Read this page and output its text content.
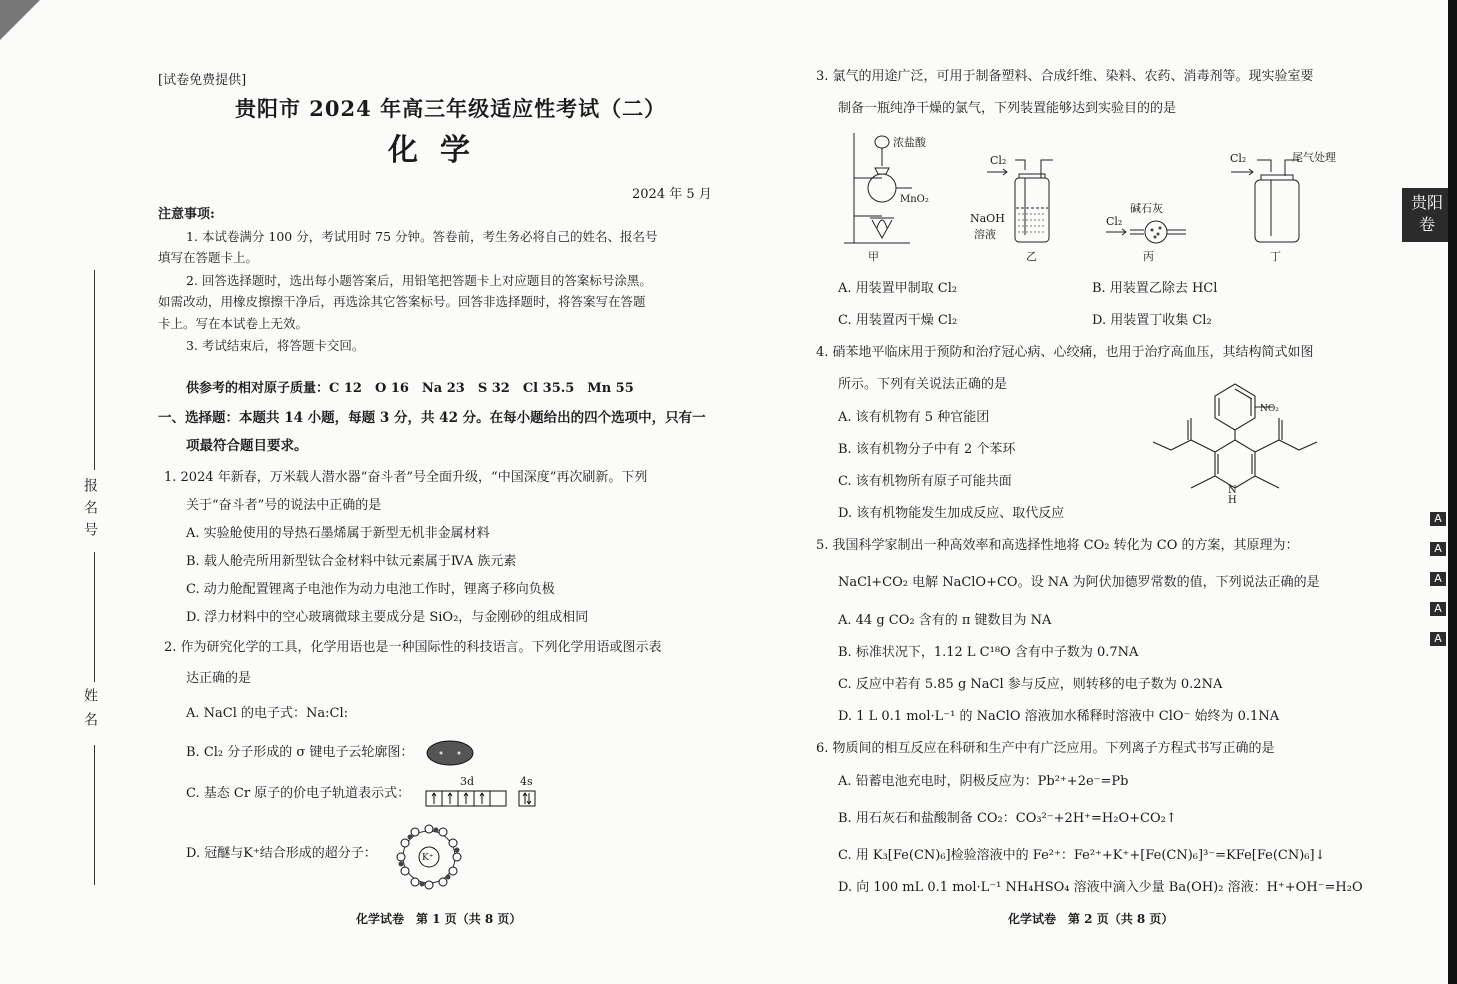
[试卷免费提供]
贵阳市 2024 年高三年级适应性考试（二）
化学
2024 年 5 月
注意事项:
1. 本试卷满分 100 分，考试用时 75 分钟。答卷前，考生务必将自己的姓名、报名号
填写在答题卡上。
2. 回答选择题时，选出每小题答案后，用铅笔把答题卡上对应题目的答案标号涂黑。
如需改动，用橡皮擦擦干净后，再选涂其它答案标号。回答非选择题时，将答案写在答题
卡上。写在本试卷上无效。
3. 考试结束后，将答题卡交回。
供参考的相对原子质量：C 12　O 16　Na 23　S 32　Cl 35.5　Mn 55
一、选择题：本题共 14 小题，每题 3 分，共 42 分。在每小题给出的四个选项中，只有一
项最符合题目要求。
1. 2024 年新春，万米载人潜水器“奋斗者”号全面升级，“中国深度”再次刷新。下列
关于“奋斗者”号的说法中正确的是
A. 实验舱使用的导热石墨烯属于新型无机非金属材料
B. 载人舱壳所用新型钛合金材料中钛元素属于ⅣA 族元素
C. 动力舱配置锂离子电池作为动力电池工作时，锂离子移向负极
D. 浮力材料中的空心玻璃微球主要成分是 SiO₂，与金刚砂的组成相同
2. 作为研究化学的工具，化学用语也是一种国际性的科技语言。下列化学用语或图示表
达正确的是
A. NaCl 的电子式：Na:Cl:
B. Cl₂ 分子形成的 σ 键电子云轮廓图：
C. 基态 Cr 原子的价电子轨道表示式：
3d	4s
D. 冠醚与K⁺结合形成的超分子：	K⁺
报名号
姓名
化学试卷　第 1 页（共 8 页）
3. 氯气的用途广泛，可用于制备塑料、合成纤维、染料、农药、消毒剂等。现实验室要
制备一瓶纯净干燥的氯气，下列装置能够达到实验目的的是
浓盐酸
MnO₂
甲
Cl₂
NaOH
溶液
乙
碱石灰
Cl₂
丙
Cl₂	尾气处理
丁
A. 用装置甲制取 Cl₂	B. 用装置乙除去 HCl
C. 用装置丙干燥 Cl₂	D. 用装置丁收集 Cl₂
4. 硝苯地平临床用于预防和治疗冠心病、心绞痛，也用于治疗高血压，其结构简式如图
所示。下列有关说法正确的是
A. 该有机物有 5 种官能团
B. 该有机物分子中有 2 个苯环
C. 该有机物所有原子可能共面
D. 该有机物能发生加成反应、取代反应
NO₂
N
H
5. 我国科学家制出一种高效率和高选择性地将 CO₂ 转化为 CO 的方案，其原理为：
NaCl+CO₂ 电解 NaClO+CO。设 NA 为阿伏加德罗常数的值，下列说法正确的是
A. 44 g CO₂ 含有的 π 键数目为 NA
B. 标准状况下，1.12 L C¹⁸O 含有中子数为 0.7NA
C. 反应中若有 5.85 g NaCl 参与反应，则转移的电子数为 0.2NA
D. 1 L 0.1 mol·L⁻¹ 的 NaClO 溶液加水稀释时溶液中 ClO⁻ 始终为 0.1NA
6. 物质间的相互反应在科研和生产中有广泛应用。下列离子方程式书写正确的是
A. 铅蓄电池充电时，阴极反应为：Pb²⁺+2e⁻=Pb
B. 用石灰石和盐酸制备 CO₂：CO₃²⁻+2H⁺=H₂O+CO₂↑
C. 用 K₃[Fe(CN)₆]检验溶液中的 Fe²⁺：Fe²⁺+K⁺+[Fe(CN)₆]³⁻=KFe[Fe(CN)₆]↓
D. 向 100 mL 0.1 mol·L⁻¹ NH₄HSO₄ 溶液中滴入少量 Ba(OH)₂ 溶液：H⁺+OH⁻=H₂O
化学试卷　第 2 页（共 8 页）
贵阳
卷
A
A
A
A
A
